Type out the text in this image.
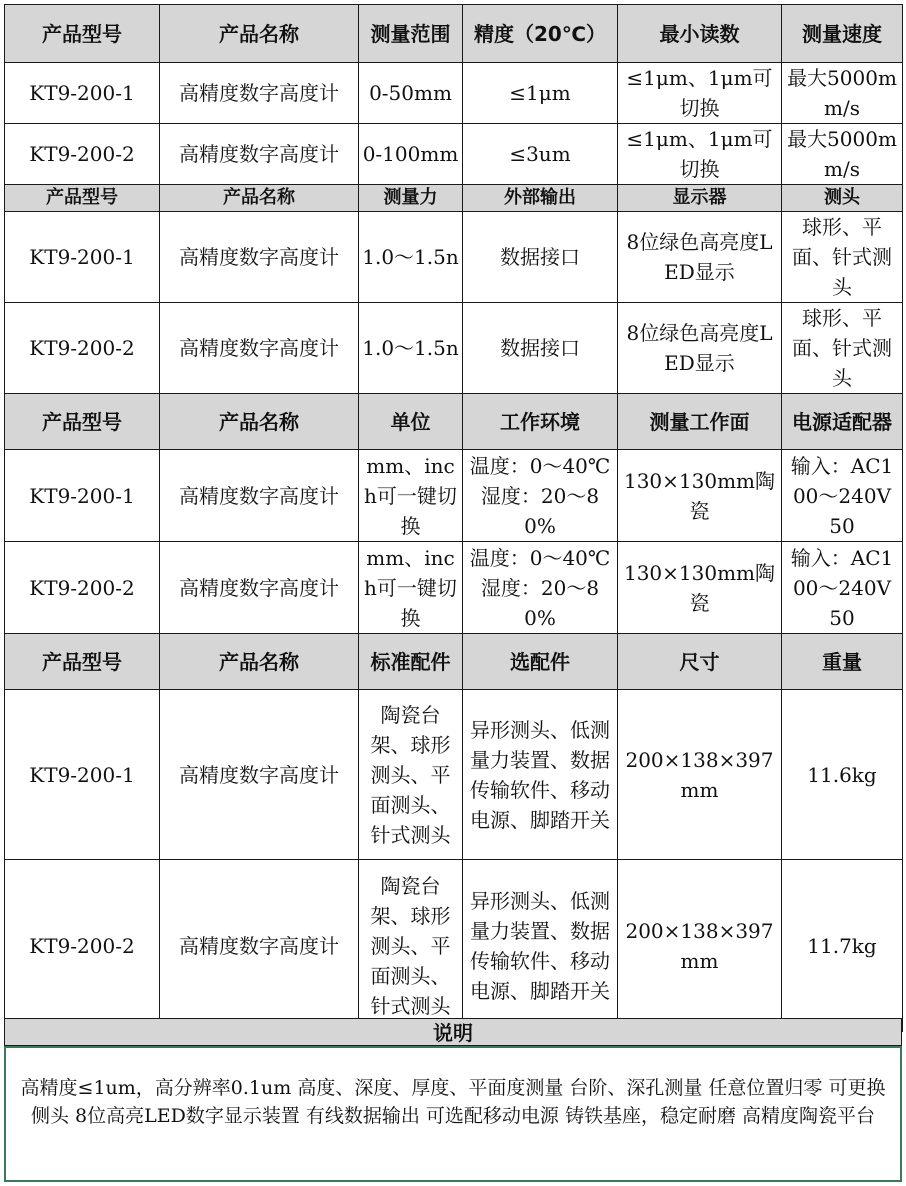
产品型号	产品名称	测量范围	精度（20℃）	最小读数	测量速度
KT9-200-1	高精度数字高度计	0-50mm	≤1μm	≤1μm、1μm可切换	最大5000mm/s
KT9-200-2	高精度数字高度计	0-100mm	≤3um	≤1μm、1μm可切换	最大5000mm/s
产品型号	产品名称	测量力	外部输出	显示器	测头
KT9-200-1	高精度数字高度计	1.0～1.5n	数据接口	8位绿色高亮度LED显示	球形、平面、针式测头
KT9-200-2	高精度数字高度计	1.0～1.5n	数据接口	8位绿色高亮度LED显示	球形、平面、针式测头
产品型号	产品名称	单位	工作环境	测量工作面	电源适配器
KT9-200-1	高精度数字高度计	mm、inch可一键切换	温度：0～40℃ 湿度：20～80%	130×130mm陶瓷	输入：AC100～240V 50
KT9-200-2	高精度数字高度计	mm、inch可一键切换	温度：0～40℃ 湿度：20～80%	130×130mm陶瓷	输入：AC100～240V 50
产品型号	产品名称	标准配件	选配件	尺寸	重量
KT9-200-1	高精度数字高度计	陶瓷台架、球形测头、平面测头、针式测头	异形测头、低测量力装置、数据传输软件、移动电源、脚踏开关	200×138×397mm	11.6kg
KT9-200-2	高精度数字高度计	陶瓷台架、球形测头、平面测头、针式测头	异形测头、低测量力装置、数据传输软件、移动电源、脚踏开关	200×138×397mm	11.7kg
说明
高精度≤1um，高分辨率0.1um 高度、深度、厚度、平面度测量 台阶、深孔测量 任意位置归零 可更换侧头 8位高亮LED数字显示装置 有线数据输出 可选配移动电源 铸铁基座，稳定耐磨 高精度陶瓷平台
